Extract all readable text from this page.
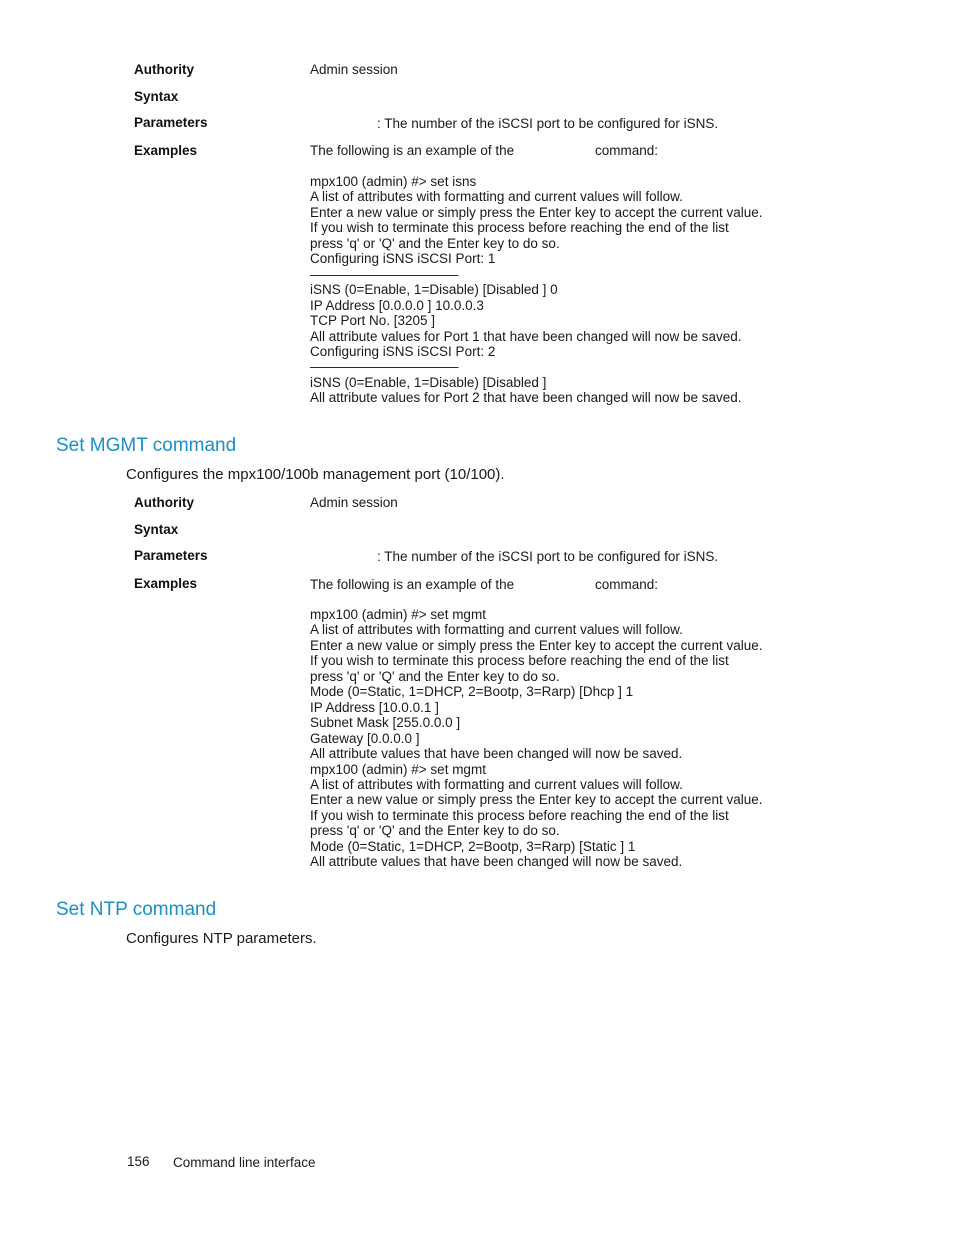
Authority	Admin session
Syntax
Parameters	: The number of the iSCSI port to be configured for iSNS.
Examples	The following is an example of the	command:
mpx100 (admin) #> set isns
A list of attributes with formatting and current values will follow.
Enter a new value or simply press the Enter key to accept the current value.
If you wish to terminate this process before reaching the end of the list
press 'q' or 'Q' and the Enter key to do so.
Configuring iSNS iSCSI Port: 1
———————————
iSNS (0=Enable, 1=Disable) [Disabled ] 0
IP Address [0.0.0.0 ] 10.0.0.3
TCP Port No. [3205 ]
All attribute values for Port 1 that have been changed will now be saved.
Configuring iSNS iSCSI Port: 2
———————————
iSNS (0=Enable, 1=Disable) [Disabled ]
All attribute values for Port 2 that have been changed will now be saved.
Set MGMT command
Configures the mpx100/100b management port (10/100).
Authority	Admin session
Syntax
Parameters	: The number of the iSCSI port to be configured for iSNS.
Examples	The following is an example of the	command:
mpx100 (admin) #> set mgmt
A list of attributes with formatting and current values will follow.
Enter a new value or simply press the Enter key to accept the current value.
If you wish to terminate this process before reaching the end of the list
press 'q' or 'Q' and the Enter key to do so.
Mode (0=Static, 1=DHCP, 2=Bootp, 3=Rarp) [Dhcp ] 1
IP Address [10.0.0.1 ]
Subnet Mask [255.0.0.0 ]
Gateway [0.0.0.0 ]
All attribute values that have been changed will now be saved.
mpx100 (admin) #> set mgmt
A list of attributes with formatting and current values will follow.
Enter a new value or simply press the Enter key to accept the current value.
If you wish to terminate this process before reaching the end of the list
press 'q' or 'Q' and the Enter key to do so.
Mode (0=Static, 1=DHCP, 2=Bootp, 3=Rarp) [Static ] 1
All attribute values that have been changed will now be saved.
Set NTP command
Configures NTP parameters.
156 Command line interface
